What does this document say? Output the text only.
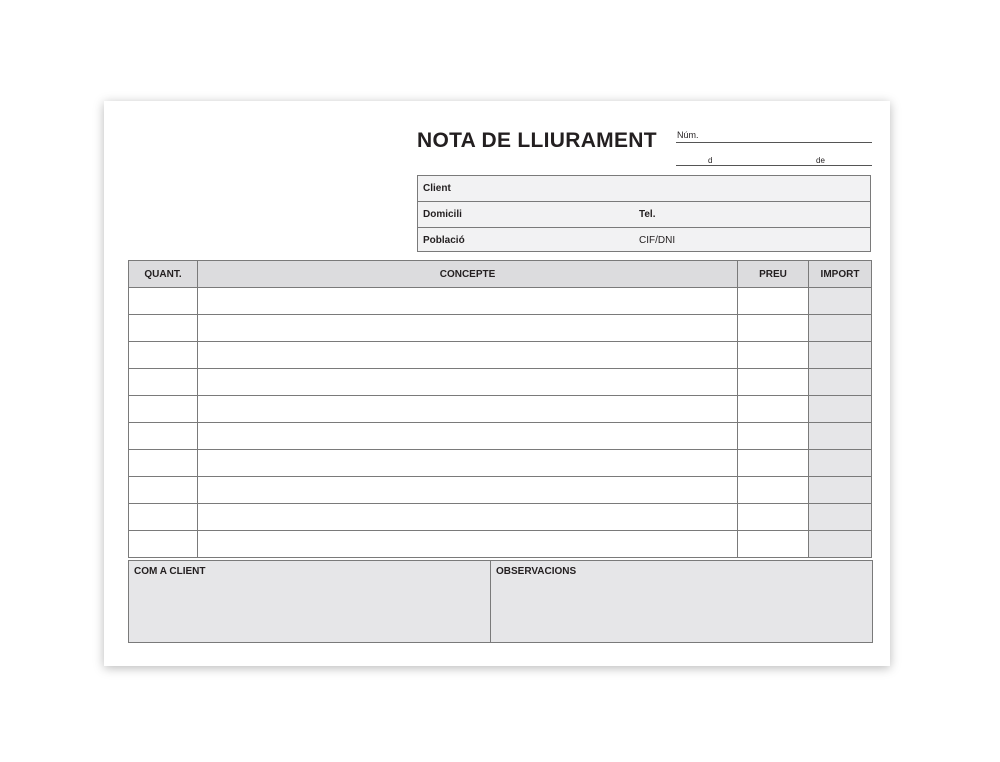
NOTA DE LLIURAMENT Núm.
d	de
Client
Domicili	Tel.
Població	CIF/DNI
QUANT.	CONCEPTE	PREU	IMPORT

COM A CLIENT	OBSERVACIONS
